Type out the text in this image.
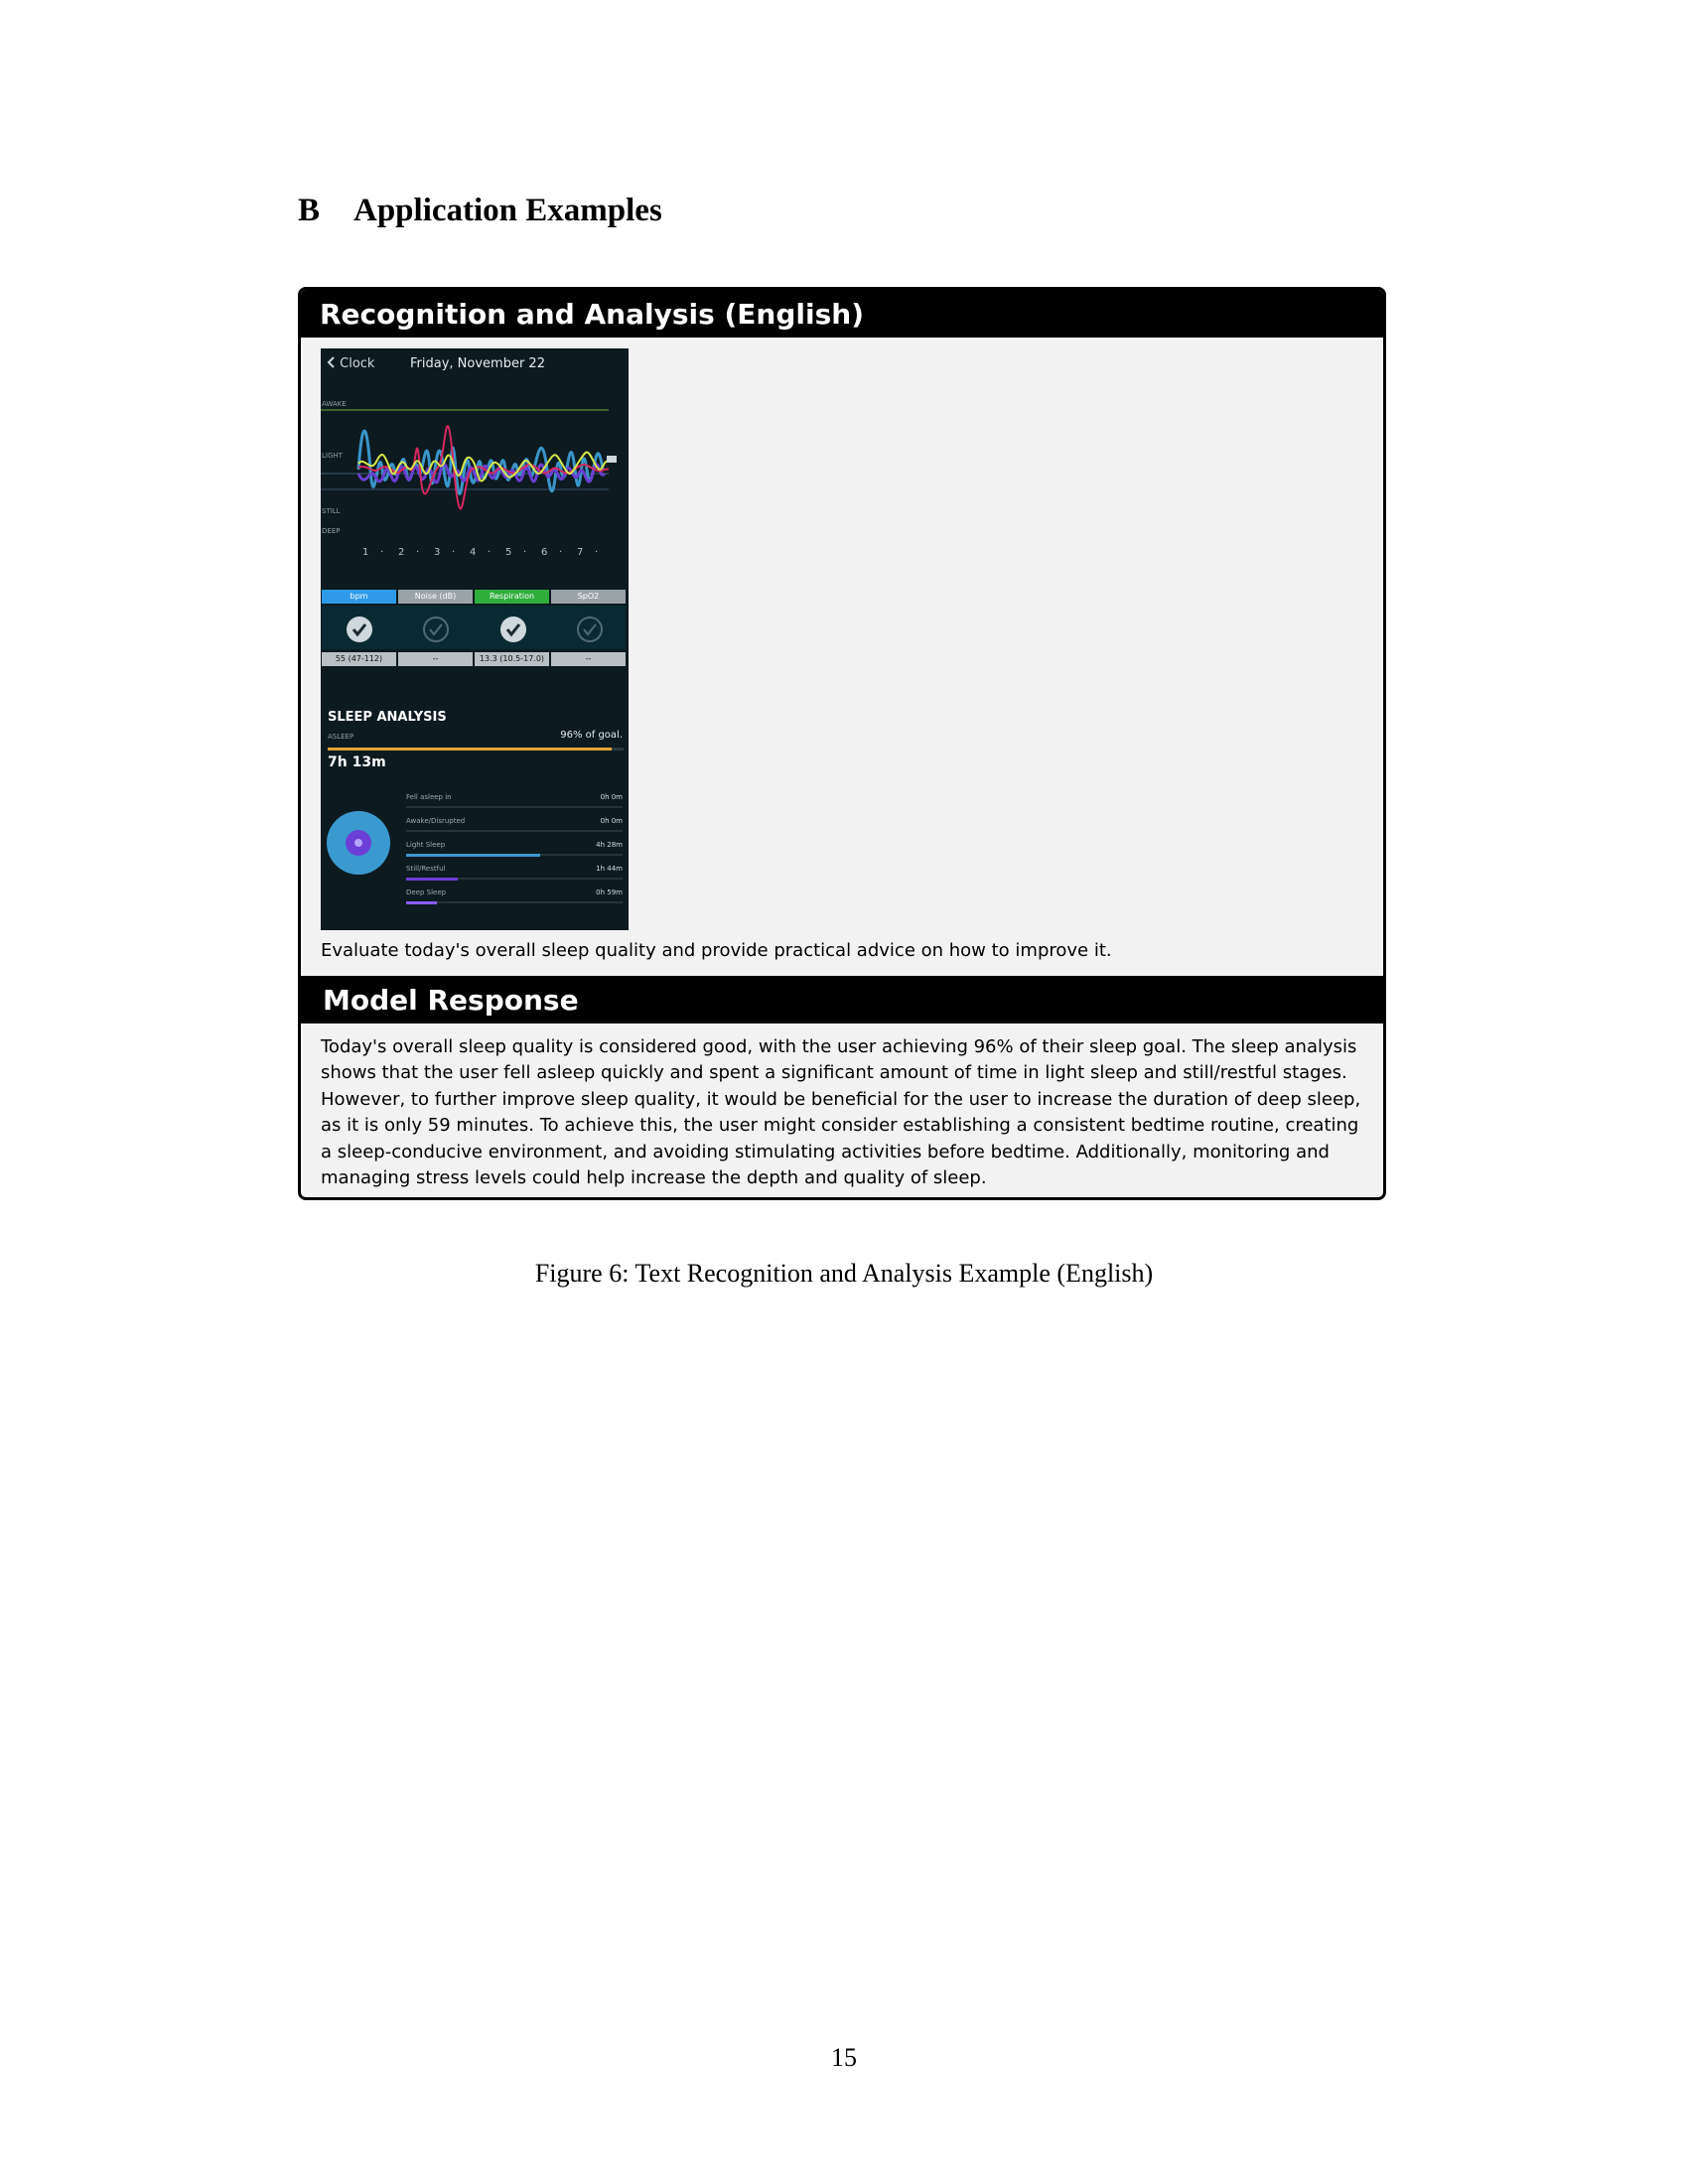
B Application Examples
Recognition and Analysis (English)
Clock	Friday, November 22
AWAKE
LIGHT
STILL
DEEP
1 · 2 · 3 · 4 · 5 · 6 · 7 ·
bpm	Noise (dB)	Respiration	SpO2
55 (47-112)	--	13.3 (10.5-17.0)	--
SLEEP ANALYSIS
ASLEEP	96% of goal.
7h 13m
Fell asleep in	0h 0m
Awake/Disrupted	0h 0m
Light Sleep	4h 28m
Still/Restful	1h 44m
Deep Sleep	0h 59m
Evaluate today's overall sleep quality and provide practical advice on how to improve it.
Model Response
Today's overall sleep quality is considered good, with the user achieving 96% of their sleep goal. The sleep analysis shows that the user fell asleep quickly and spent a significant amount of time in light sleep and still/restful stages. However, to further improve sleep quality, it would be beneficial for the user to increase the duration of deep sleep, as it is only 59 minutes. To achieve this, the user might consider establishing a consistent bedtime routine, creating a sleep-conducive environment, and avoiding stimulating activities before bedtime. Additionally, monitoring and managing stress levels could help increase the depth and quality of sleep.
Figure 6: Text Recognition and Analysis Example (English)
15
